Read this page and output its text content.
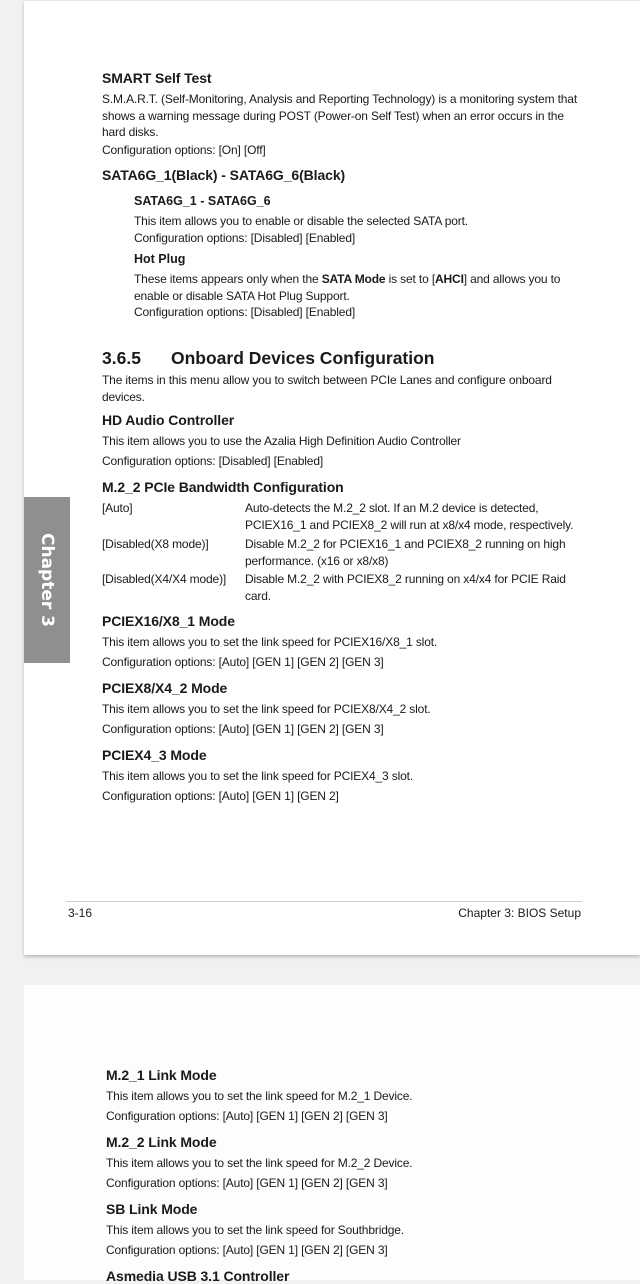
SMART Self Test
S.M.A.R.T. (Self-Monitoring, Analysis and Reporting Technology) is a monitoring system that
shows a warning message during POST (Power-on Self Test) when an error occurs in the
hard disks.
Configuration options: [On] [Off]
SATA6G_1(Black) - SATA6G_6(Black)
SATA6G_1 - SATA6G_6
This item allows you to enable or disable the selected SATA port.
Configuration options: [Disabled] [Enabled]
Hot Plug
These items appears only when the SATA Mode is set to [AHCI] and allows you to
enable or disable SATA Hot Plug Support.
Configuration options: [Disabled] [Enabled]
3.6.5 Onboard Devices Configuration
The items in this menu allow you to switch between PCIe Lanes and configure onboard
devices.
HD Audio Controller
This item allows you to use the Azalia High Definition Audio Controller
Configuration options: [Disabled] [Enabled]
M.2_2 PCIe Bandwidth Configuration
[Auto]	Auto-detects the M.2_2 slot. If an M.2 device is detected,
PCIEX16_1 and PCIEX8_2 will run at x8/x4 mode, respectively.
[Disabled(X8 mode)]	Disable M.2_2 for PCIEX16_1 and PCIEX8_2 running on high
performance. (x16 or x8/x8)
[Disabled(X4/X4 mode)] Disable M.2_2 with PCIEX8_2 running on x4/x4 for PCIE Raid
card.
PCIEX16/X8_1 Mode
This item allows you to set the link speed for PCIEX16/X8_1 slot.
Configuration options: [Auto] [GEN 1] [GEN 2] [GEN 3]
PCIEX8/X4_2 Mode
This item allows you to set the link speed for PCIEX8/X4_2 slot.
Configuration options: [Auto] [GEN 1] [GEN 2] [GEN 3]
PCIEX4_3 Mode
This item allows you to set the link speed for PCIEX4_3 slot.
Configuration options: [Auto] [GEN 1] [GEN 2]
3-16	Chapter 3: BIOS Setup
Chapter 3
M.2_1 Link Mode
This item allows you to set the link speed for M.2_1 Device.
Configuration options: [Auto] [GEN 1] [GEN 2] [GEN 3]
M.2_2 Link Mode
This item allows you to set the link speed for M.2_2 Device.
Configuration options: [Auto] [GEN 1] [GEN 2] [GEN 3]
SB Link Mode
This item allows you to set the link speed for Southbridge.
Configuration options: [Auto] [GEN 1] [GEN 2] [GEN 3]
Asmedia USB 3.1 Controller
